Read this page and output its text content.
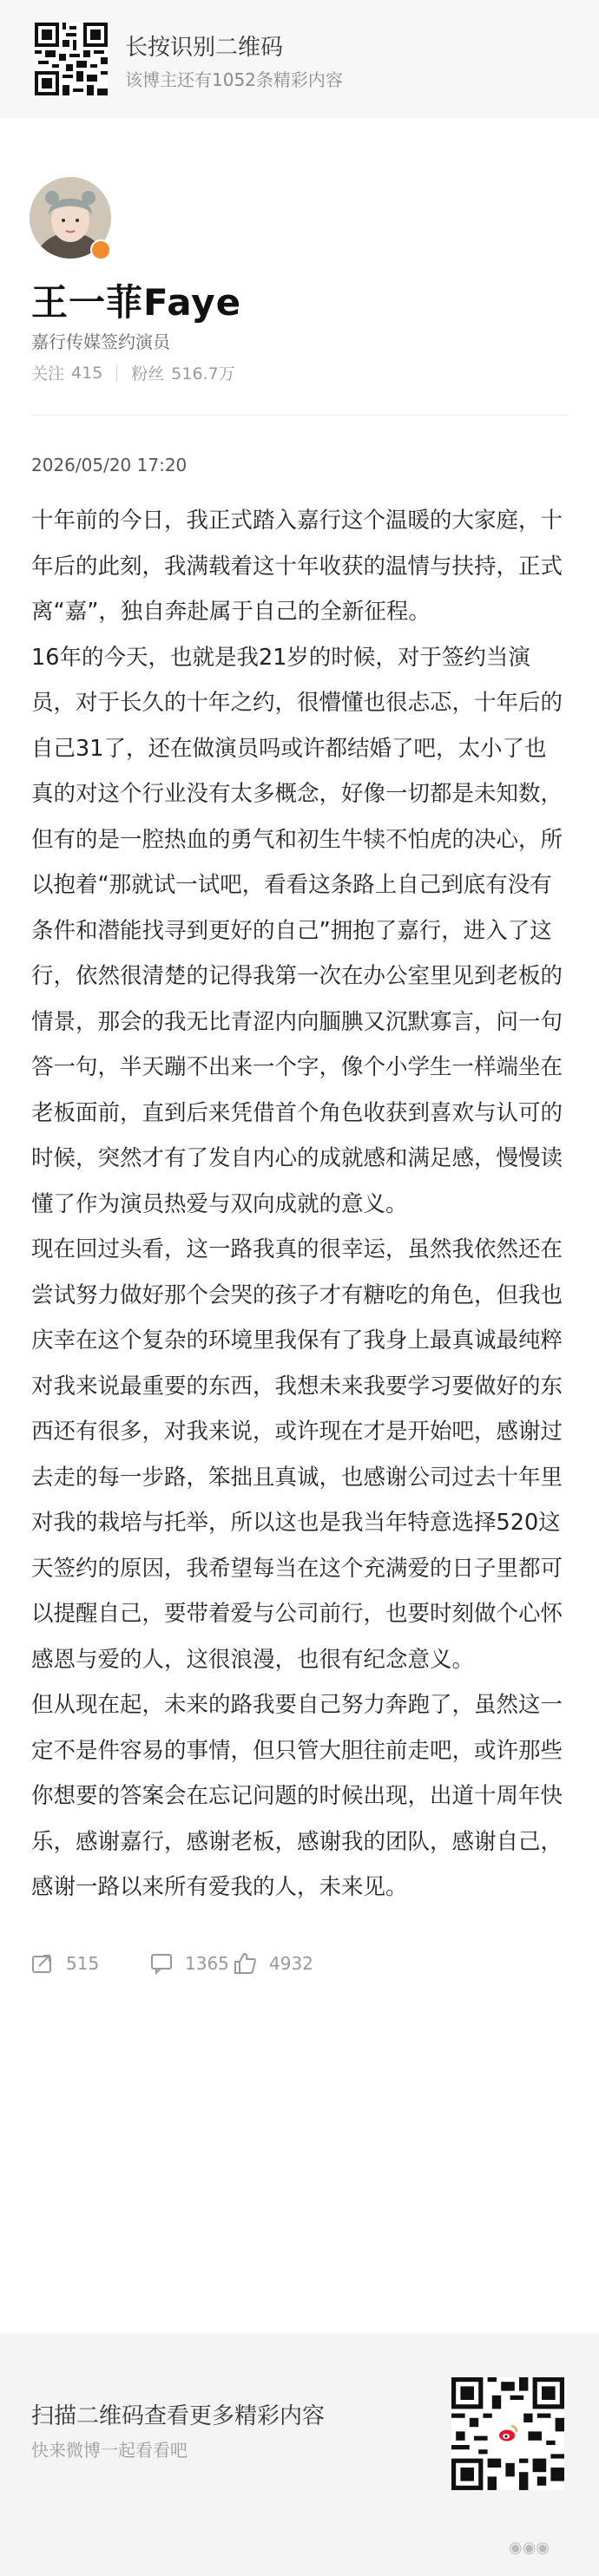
长按识别二维码
该博主还有1052条精彩内容
王一菲Faye
嘉行传媒签约演员
关注 415 粉丝 516.7万
2026/05/20 17:20

十年前的今日，我正式踏入嘉行这个温暖的大家庭，十年后的此刻，我满载着这十年收获的温情与扶持，正式离“嘉”，独自奔赴属于自己的全新征程。

16年的今天，也就是我21岁的时候，对于签约当演员，对于长久的十年之约，很懵懂也很忐忑，十年后的自己31了，还在做演员吗或许都结婚了吧，太小了也真的对这个行业没有太多概念，好像一切都是未知数，但有的是一腔热血的勇气和初生牛犊不怕虎的决心，所以抱着“那就试一试吧，看看这条路上自己到底有没有条件和潜能找寻到更好的自己”拥抱了嘉行，进入了这行，依然很清楚的记得我第一次在办公室里见到老板的情景，那会的我无比青涩内向腼腆又沉默寡言，问一句答一句，半天蹦不出来一个字，像个小学生一样端坐在老板面前，直到后来凭借首个角色收获到喜欢与认可的时候，突然才有了发自内心的成就感和满足感，慢慢读懂了作为演员热爱与双向成就的意义。

现在回过头看，这一路我真的很幸运，虽然我依然还在尝试努力做好那个会哭的孩子才有糖吃的角色，但我也庆幸在这个复杂的环境里我保有了我身上最真诚最纯粹对我来说最重要的东西，我想未来我要学习要做好的东西还有很多，对我来说，或许现在才是开始吧，感谢过去走的每一步路，笨拙且真诚，也感谢公司过去十年里对我的栽培与托举，所以这也是我当年特意选择520这天签约的原因，我希望每当在这个充满爱的日子里都可以提醒自己，要带着爱与公司前行，也要时刻做个心怀感恩与爱的人，这很浪漫，也很有纪念意义。

但从现在起，未来的路我要自己努力奔跑了，虽然这一定不是件容易的事情，但只管大胆往前走吧，或许那些你想要的答案会在忘记问题的时候出现，出道十周年快乐，感谢嘉行，感谢老板，感谢我的团队，感谢自己，感谢一路以来所有爱我的人，未来见。

515	1365 4932
扫描二维码查看更多精彩内容
快来微博一起看看吧
◉◉◉
